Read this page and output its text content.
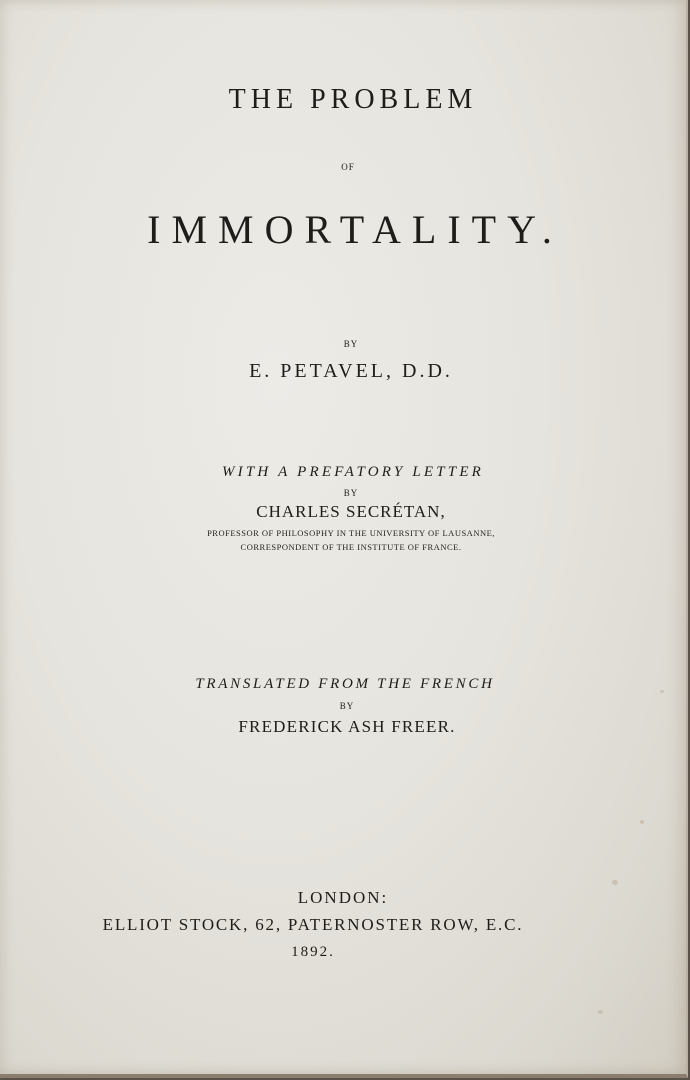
THE PROBLEM
OF
IMMORTALITY.
BY
E. PETAVEL, D.D.
WITH A PREFATORY LETTER
BY
CHARLES SECRÉTAN,
PROFESSOR OF PHILOSOPHY IN THE UNIVERSITY OF LAUSANNE,
CORRESPONDENT OF THE INSTITUTE OF FRANCE.
TRANSLATED FROM THE FRENCH
BY
FREDERICK ASH FREER.
LONDON:
ELLIOT STOCK, 62, PATERNOSTER ROW, E.C.
1892.
